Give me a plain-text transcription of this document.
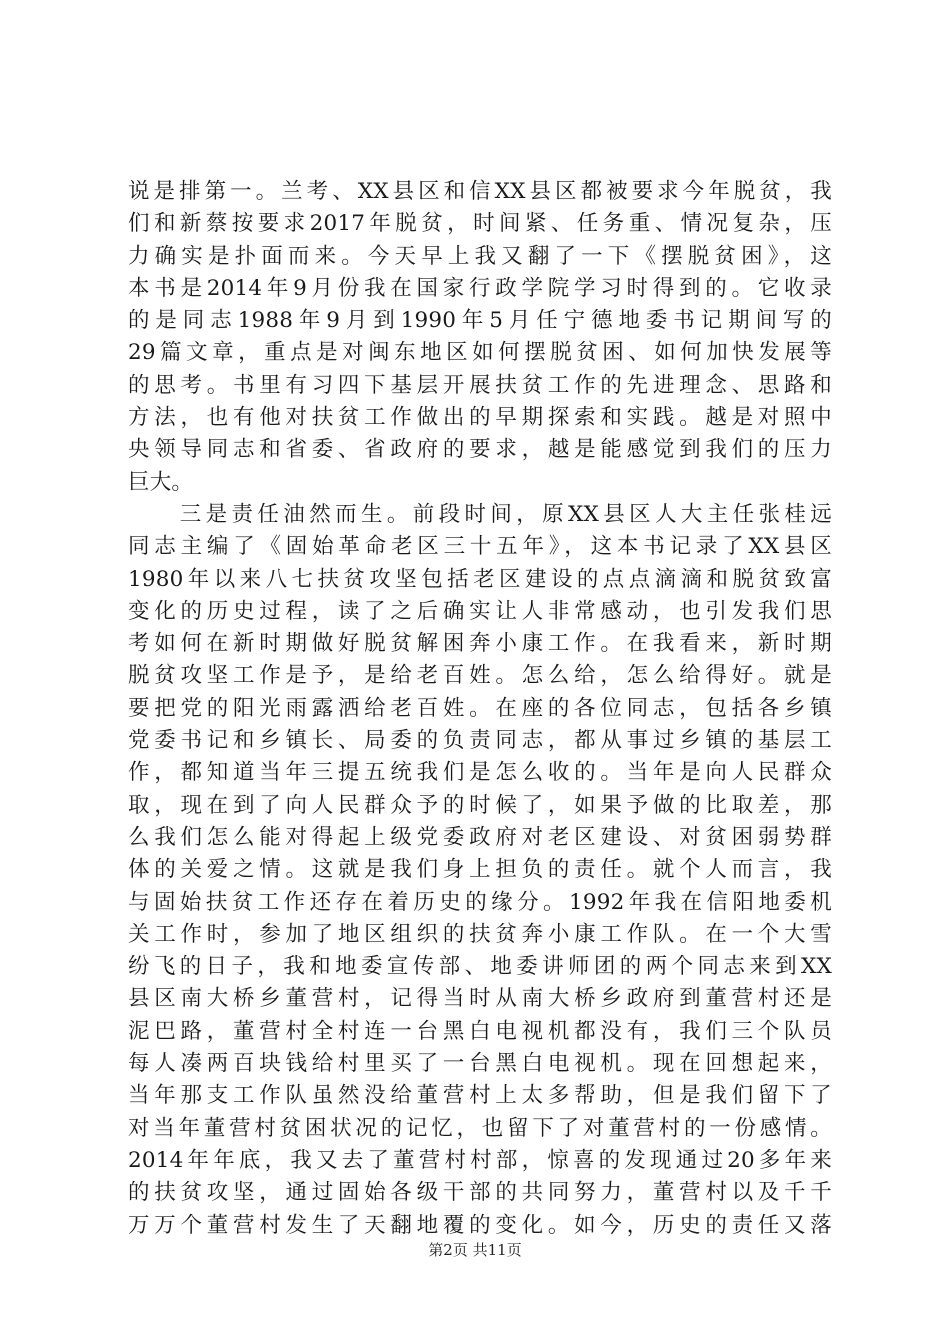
说是排第一。兰考、XX县区和信XX县区都被要求今年脱贫，我
们和新蔡按要求2017年脱贫，时间紧、任务重、情况复杂，压
力确实是扑面而来。今天早上我又翻了一下《摆脱贫困》，这
本书是2014年9月份我在国家行政学院学习时得到的。它收录
的是同志1988年9月到1990年5月任宁德地委书记期间写的
29篇文章，重点是对闽东地区如何摆脱贫困、如何加快发展等
的思考。书里有习四下基层开展扶贫工作的先进理念、思路和
方法，也有他对扶贫工作做出的早期探索和实践。越是对照中
央领导同志和省委、省政府的要求，越是能感觉到我们的压力
巨大。
　　三是责任油然而生。前段时间，原XX县区人大主任张桂远
同志主编了《固始革命老区三十五年》，这本书记录了XX县区
1980年以来八七扶贫攻坚包括老区建设的点点滴滴和脱贫致富
变化的历史过程，读了之后确实让人非常感动，也引发我们思
考如何在新时期做好脱贫解困奔小康工作。在我看来，新时期
脱贫攻坚工作是予，是给老百姓。怎么给，怎么给得好。就是
要把党的阳光雨露洒给老百姓。在座的各位同志，包括各乡镇
党委书记和乡镇长、局委的负责同志，都从事过乡镇的基层工
作，都知道当年三提五统我们是怎么收的。当年是向人民群众
取，现在到了向人民群众予的时候了，如果予做的比取差，那
么我们怎么能对得起上级党委政府对老区建设、对贫困弱势群
体的关爱之情。这就是我们身上担负的责任。就个人而言，我
与固始扶贫工作还存在着历史的缘分。1992年我在信阳地委机
关工作时，参加了地区组织的扶贫奔小康工作队。在一个大雪
纷飞的日子，我和地委宣传部、地委讲师团的两个同志来到XX
县区南大桥乡董营村，记得当时从南大桥乡政府到董营村还是
泥巴路，董营村全村连一台黑白电视机都没有，我们三个队员
每人凑两百块钱给村里买了一台黑白电视机。现在回想起来，
当年那支工作队虽然没给董营村上太多帮助，但是我们留下了
对当年董营村贫困状况的记忆，也留下了对董营村的一份感情。
2014年年底，我又去了董营村村部，惊喜的发现通过20多年来
的扶贫攻坚，通过固始各级干部的共同努力，董营村以及千千
万万个董营村发生了天翻地覆的变化。如今，历史的责任又落
第2页 共11页
